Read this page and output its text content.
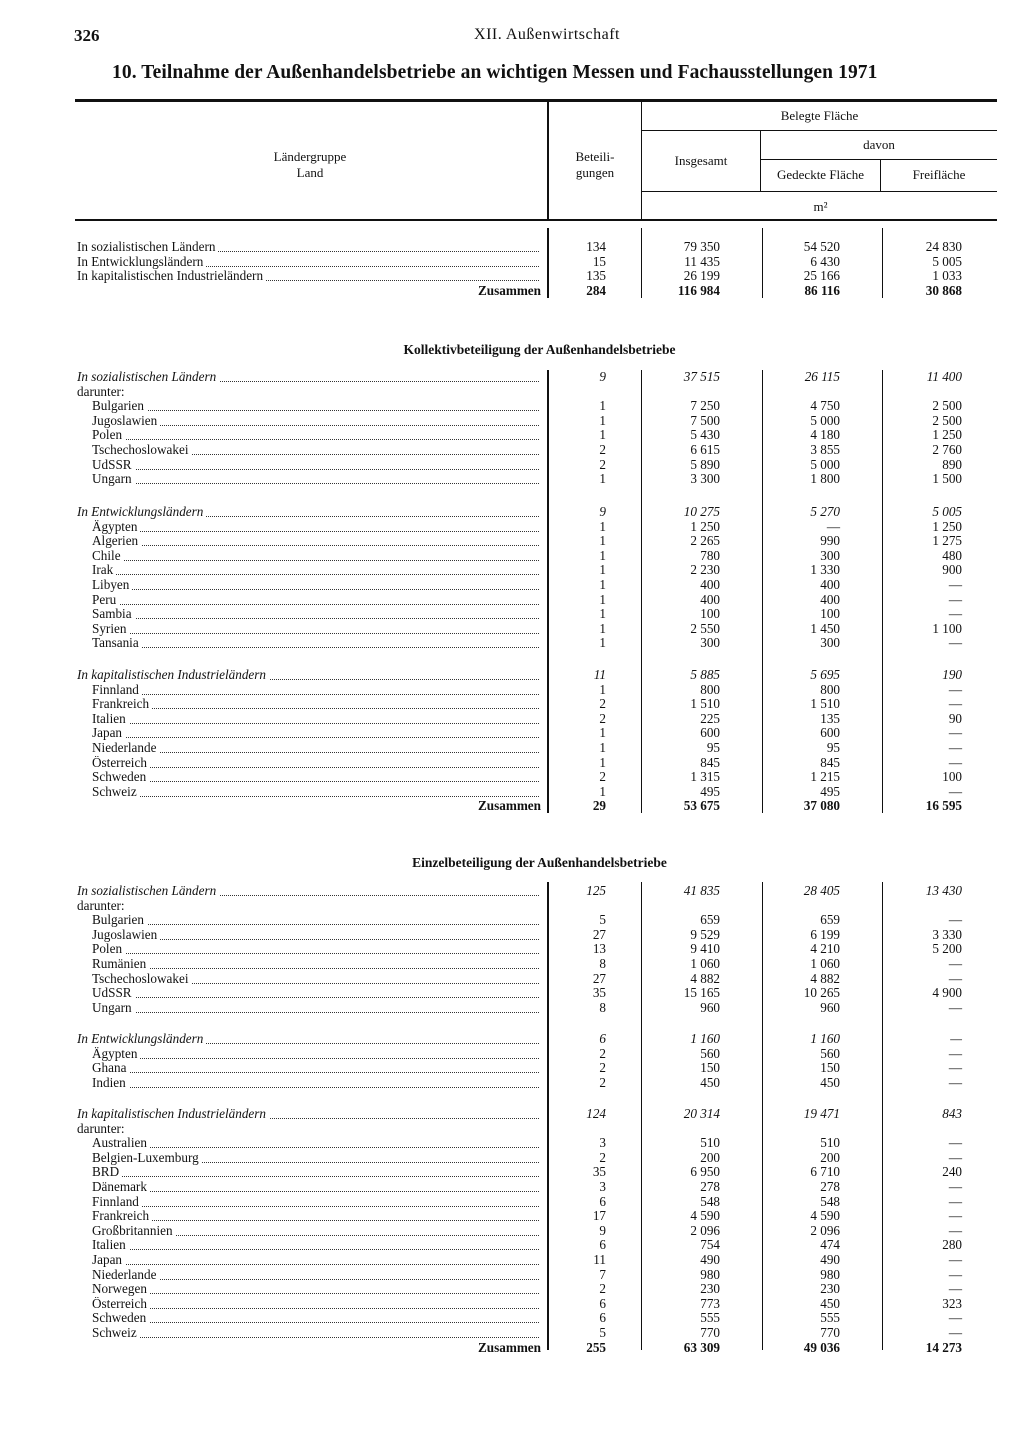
326	XII. Außenwirtschaft
10. Teilnahme der Außenhandelsbetriebe an wichtigen Messen und Fachausstellungen 1971
Ländergruppe
Land
Beteili-
gungen
Belegte Fläche
Insgesamt
davon
Gedeckte Fläche	Freifläche
m²
Kollektivbeteiligung der Außenhandelsbetriebe
Einzelbeteiligung der Außenhandelsbetriebe
In sozialistischen Ländern	134	79 350	54 520	24 830
In Entwicklungsländern	15	11 435	6 430	5 005
In kapitalistischen Industrieländern	135	26 199	25 166	1 033
Zusammen	284	116 984	86 116	30 868
In sozialistischen Ländern	9	37 515	26 115	11 400
darunter:
Bulgarien	1	7 250	4 750	2 500
Jugoslawien	1	7 500	5 000	2 500
Polen	1	5 430	4 180	1 250
Tschechoslowakei	2	6 615	3 855	2 760
UdSSR	2	5 890	5 000	890
Ungarn	1	3 300	1 800	1 500
In Entwicklungsländern	9	10 275	5 270	5 005
Ägypten	1	1 250	—	1 250
Algerien	1	2 265	990	1 275
Chile	1	780	300	480
Irak	1	2 230	1 330	900
Libyen	1	400	400	—
Peru	1	400	400	—
Sambia	1	100	100	—
Syrien	1	2 550	1 450	1 100
Tansania	1	300	300	—
In kapitalistischen Industrieländern	11	5 885	5 695	190
Finnland	1	800	800	—
Frankreich	2	1 510	1 510	—
Italien	2	225	135	90
Japan	1	600	600	—
Niederlande	1	95	95	—
Österreich	1	845	845	—
Schweden	2	1 315	1 215	100
Schweiz	1	495	495	—
Zusammen	29	53 675	37 080	16 595
In sozialistischen Ländern	125	41 835	28 405	13 430
darunter:
Bulgarien	5	659	659	—
Jugoslawien	27	9 529	6 199	3 330
Polen	13	9 410	4 210	5 200
Rumänien	8	1 060	1 060	—
Tschechoslowakei	27	4 882	4 882	—
UdSSR	35	15 165	10 265	4 900
Ungarn	8	960	960	—
In Entwicklungsländern	6	1 160	1 160	—
Ägypten	2	560	560	—
Ghana	2	150	150	—
Indien	2	450	450	—
In kapitalistischen Industrieländern	124	20 314	19 471	843
darunter:
Australien	3	510	510	—
Belgien-Luxemburg	2	200	200	—
BRD	35	6 950	6 710	240
Dänemark	3	278	278	—
Finnland	6	548	548	—
Frankreich	17	4 590	4 590	—
Großbritannien	9	2 096	2 096	—
Italien	6	754	474	280
Japan	11	490	490	—
Niederlande	7	980	980	—
Norwegen	2	230	230	—
Österreich	6	773	450	323
Schweden	6	555	555	—
Schweiz	5	770	770	—
Zusammen	255	63 309	49 036	14 273
